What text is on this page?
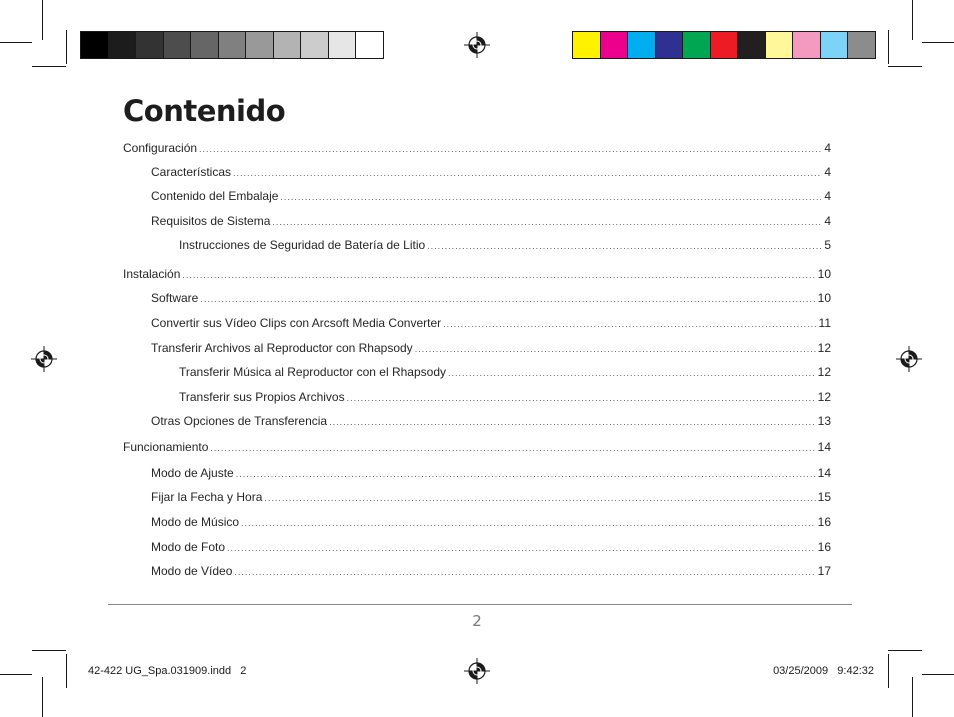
Contenido
Configuración .....	4
Características .....	4
Contenido del Embalaje .....	4
Requisitos de Sistema .....	4
Instrucciones de Seguridad de Batería de Litio .....	5
Instalación .....	10
Software .....	10
Convertir sus Vídeo Clips con Arcsoft Media Converter .....	11
Transferir Archivos al Reproductor con Rhapsody .....	12
Transferir Música al Reproductor con el Rhapsody .....	12
Transferir sus Propios Archivos .....	12
Otras Opciones de Transferencia .....	13
Funcionamiento .....	14
Modo de Ajuste .....	14
Fijar la Fecha y Hora .....	15
Modo de Músico .....	16
Modo de Foto .....	16
Modo de Vídeo .....	17
2
42-422 UG_Spa.031909.indd   2	03/25/2009   9:42:32
